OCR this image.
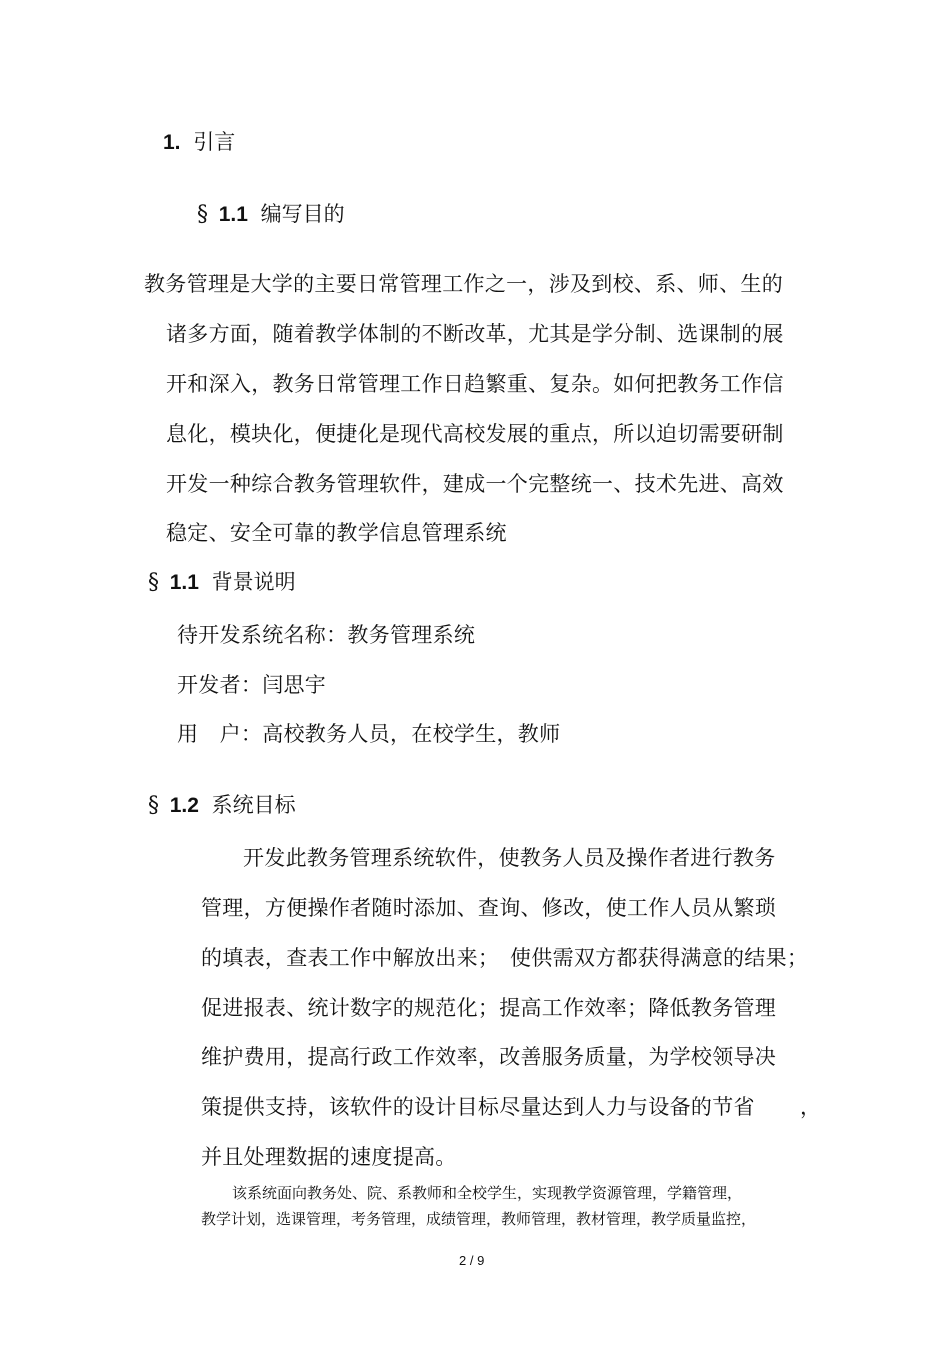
1. 引言
§ 1.1 编写目的
教务管理是大学的主要日常管理工作之一，涉及到校、系、师、生的
诸多方面，随着教学体制的不断改革，尤其是学分制、选课制的展
开和深入，教务日常管理工作日趋繁重、复杂。如何把教务工作信
息化，模块化，便捷化是现代高校发展的重点，所以迫切需要研制
开发一种综合教务管理软件，建成一个完整统一、技术先进、高效
稳定、安全可靠的教学信息管理系统
§ 1.1 背景说明
待开发系统名称：教务管理系统
开发者：闫思宇
用　户：高校教务人员，在校学生，教师
§ 1.2 系统目标
开发此教务管理系统软件，使教务人员及操作者进行教务
管理，方便操作者随时添加、查询、修改，使工作人员从繁琐
的填表，查表工作中解放出来；　使供需双方都获得满意的结果；
促进报表、统计数字的规范化；提高工作效率；降低教务管理
维护费用，提高行政工作效率，改善服务质量，为学校领导决
策提供支持，该软件的设计目标尽量达到人力与设备的节省 ，
并且处理数据的速度提高。
该系统面向教务处、院、系教师和全校学生，实现教学资源管理，学籍管理，
教学计划，选课管理，考务管理，成绩管理，教师管理，教材管理，教学质量监控，
2 / 9
